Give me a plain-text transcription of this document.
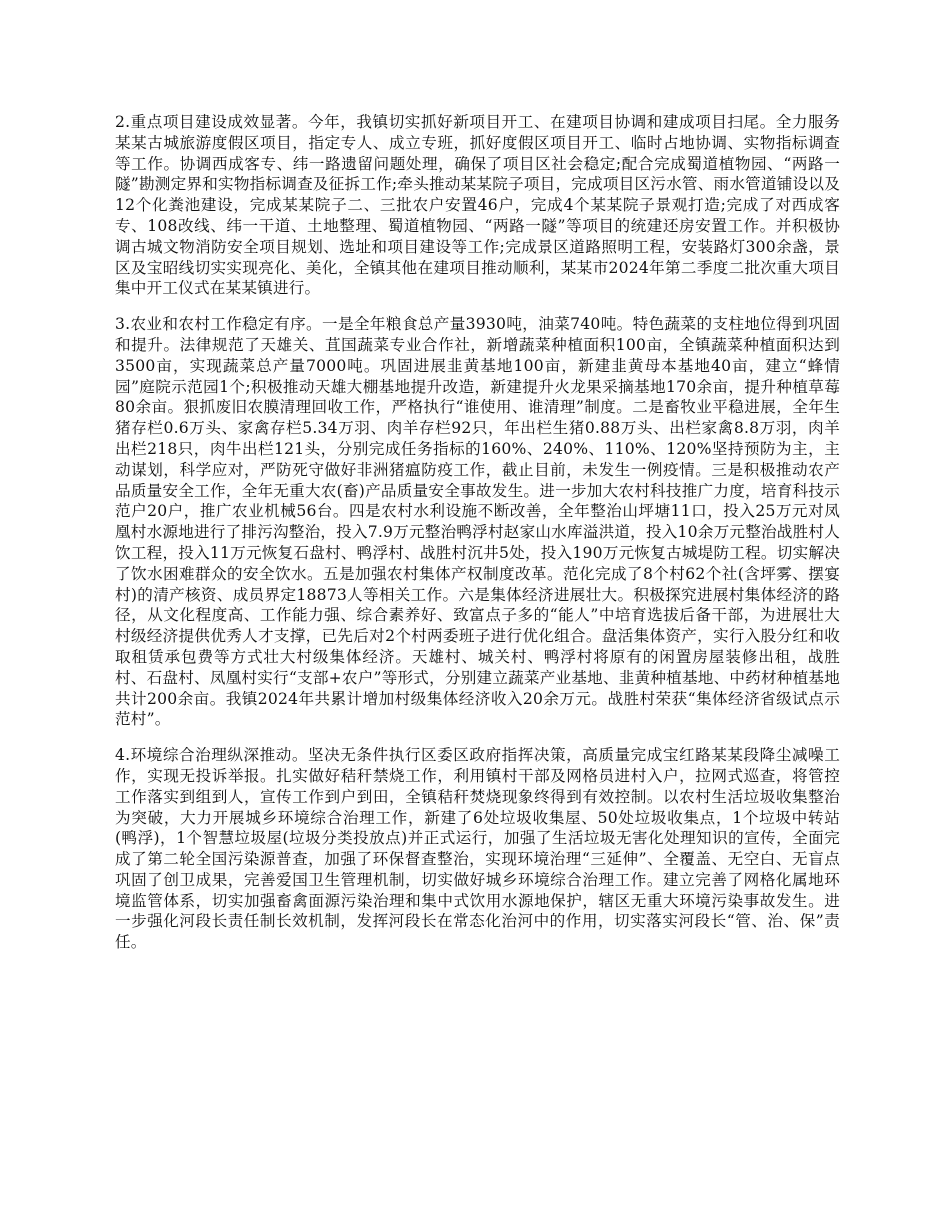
2.重点项目建设成效显著。今年，我镇切实抓好新项目开工、在建项目协调和建成项目扫尾。全力服务某某古城旅游度假区项目，指定专人、成立专班，抓好度假区项目开工、临时占地协调、实物指标调查等工作。协调西成客专、纬一路遗留问题处理，确保了项目区社会稳定;配合完成蜀道植物园、“两路一隧”勘测定界和实物指标调查及征拆工作;牵头推动某某院子项目，完成项目区污水管、雨水管道铺设以及12个化粪池建设，完成某某院子二、三批农户安置46户，完成4个某某院子景观打造;完成了对西成客专、108改线、纬一干道、土地整理、蜀道植物园、“两路一隧”等项目的统建还房安置工作。并积极协调古城文物消防安全项目规划、选址和项目建设等工作;完成景区道路照明工程，安装路灯300余盏，景区及宝昭线切实实现亮化、美化，全镇其他在建项目推动顺利，某某市2024年第二季度二批次重大项目集中开工仪式在某某镇进行。

3.农业和农村工作稳定有序。一是全年粮食总产量3930吨，油菜740吨。特色蔬菜的支柱地位得到巩固和提升。法律规范了天雄关、苴国蔬菜专业合作社，新增蔬菜种植面积100亩，全镇蔬菜种植面积达到3500亩，实现蔬菜总产量7000吨。巩固进展韭黄基地100亩，新建韭黄母本基地40亩，建立“蜂情园”庭院示范园1个;积极推动天雄大棚基地提升改造，新建提升火龙果采摘基地170余亩，提升种植草莓80余亩。狠抓废旧农膜清理回收工作，严格执行“谁使用、谁清理”制度。二是畜牧业平稳进展，全年生猪存栏0.6万头、家禽存栏5.34万羽、肉羊存栏92只，年出栏生猪0.88万头、出栏家禽8.8万羽，肉羊出栏218只，肉牛出栏121头，分别完成任务指标的160%、240%、110%、120%坚持预防为主，主动谋划，科学应对，严防死守做好非洲猪瘟防疫工作，截止目前，未发生一例疫情。三是积极推动农产品质量安全工作，全年无重大农(畜)产品质量安全事故发生。进一步加大农村科技推广力度，培育科技示范户20户，推广农业机械56台。四是农村水利设施不断改善，全年整治山坪塘11口，投入25万元对凤凰村水源地进行了排污沟整治，投入7.9万元整治鸭浮村赵家山水库溢洪道，投入10余万元整治战胜村人饮工程，投入11万元恢复石盘村、鸭浮村、战胜村沉井5处，投入190万元恢复古城堤防工程。切实解决了饮水困难群众的安全饮水。五是加强农村集体产权制度改革。范化完成了8个村62个社(含坪雾、摆宴村)的清产核资、成员界定18873人等相关工作。六是集体经济进展壮大。积极探究进展村集体经济的路径，从文化程度高、工作能力强、综合素养好、致富点子多的“能人”中培育选拔后备干部，为进展壮大村级经济提供优秀人才支撑，已先后对2个村两委班子进行优化组合。盘活集体资产，实行入股分红和收取租赁承包费等方式壮大村级集体经济。天雄村、城关村、鸭浮村将原有的闲置房屋装修出租，战胜村、石盘村、凤凰村实行“支部+农户”等形式，分别建立蔬菜产业基地、韭黄种植基地、中药材种植基地共计200余亩。我镇2024年共累计增加村级集体经济收入20余万元。战胜村荣获“集体经济省级试点示范村”。

4.环境综合治理纵深推动。坚决无条件执行区委区政府指挥决策，高质量完成宝红路某某段降尘减噪工作，实现无投诉举报。扎实做好秸秆禁烧工作，利用镇村干部及网格员进村入户，拉网式巡查，将管控工作落实到组到人，宣传工作到户到田，全镇秸秆焚烧现象终得到有效控制。以农村生活垃圾收集整治为突破，大力开展城乡环境综合治理工作，新建了6处垃圾收集屋、50处垃圾收集点，1个垃圾中转站(鸭浮)，1个智慧垃圾屋(垃圾分类投放点)并正式运行，加强了生活垃圾无害化处理知识的宣传，全面完成了第二轮全国污染源普查，加强了环保督查整治，实现环境治理“三延伸”、全覆盖、无空白、无盲点巩固了创卫成果，完善爱国卫生管理机制，切实做好城乡环境综合治理工作。建立完善了网格化属地环境监管体系，切实加强畜禽面源污染治理和集中式饮用水源地保护，辖区无重大环境污染事故发生。进一步强化河段长责任制长效机制，发挥河段长在常态化治河中的作用，切实落实河段长“管、治、保”责任。
